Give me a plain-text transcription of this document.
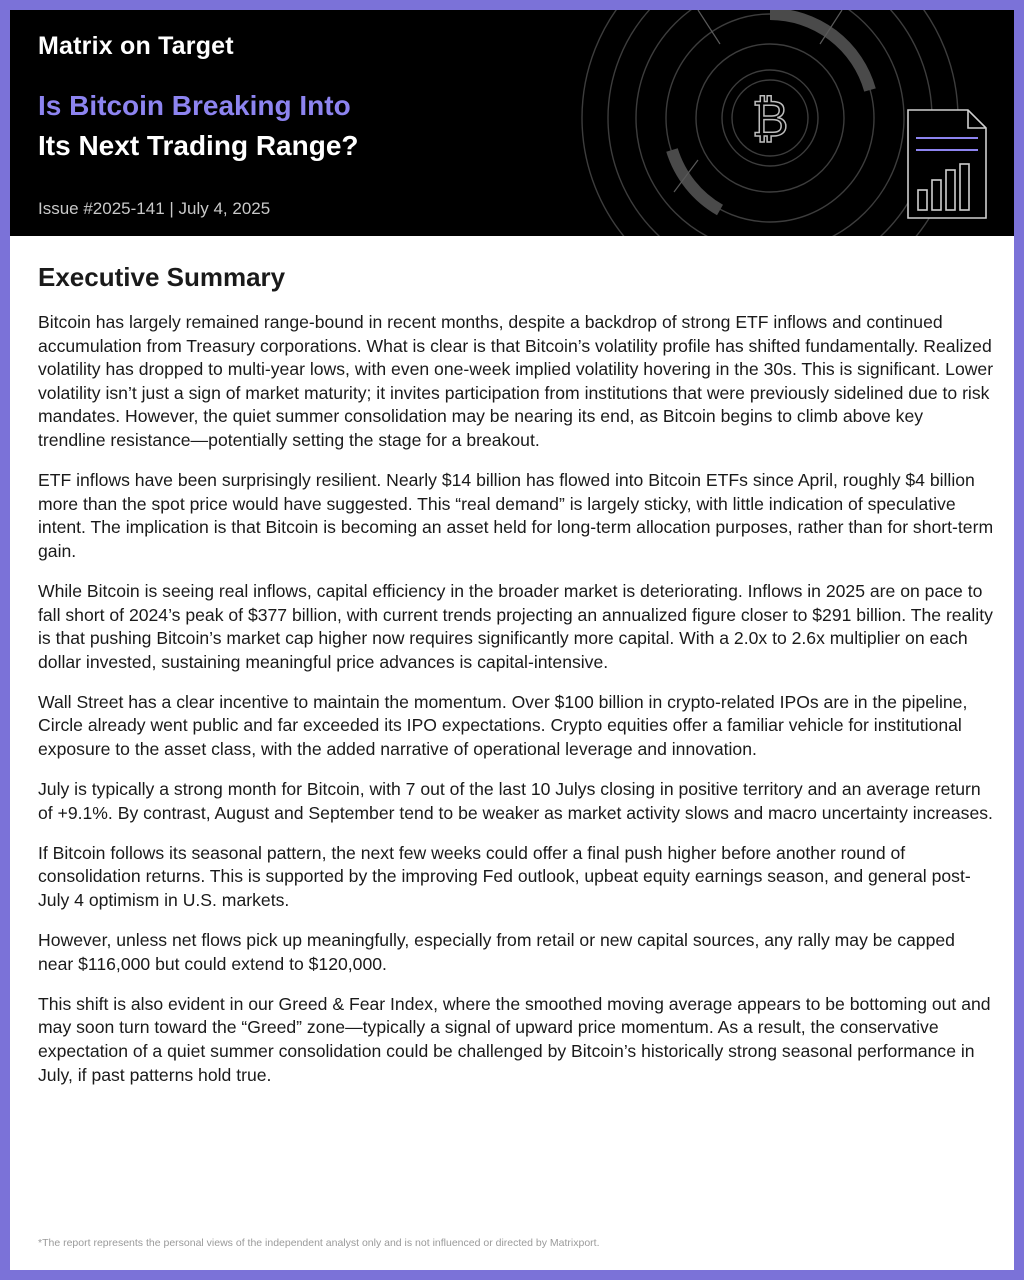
Matrix on Target
Is Bitcoin Breaking Into
Its Next Trading Range?
Issue #2025-141 | July 4, 2025
₿
Executive Summary

Bitcoin has largely remained range-bound in recent months, despite a backdrop of strong ETF inflows and continued accumulation from Treasury corporations. What is clear is that Bitcoin’s volatility profile has shifted fundamentally. Realized volatility has dropped to multi-year lows, with even one-week implied volatility hovering in the 30s. This is significant. Lower volatility isn’t just a sign of market maturity; it invites participation from institutions that were previously sidelined due to risk mandates. However, the quiet summer consolidation may be nearing its end, as Bitcoin begins to climb above key trendline resistance—potentially setting the stage for a breakout.

ETF inflows have been surprisingly resilient. Nearly $14 billion has flowed into Bitcoin ETFs since April, roughly $4 billion more than the spot price would have suggested. This “real demand” is largely sticky, with little indication of speculative intent. The implication is that Bitcoin is becoming an asset held for long-term allocation purposes, rather than for short-term gain.

While Bitcoin is seeing real inflows, capital efficiency in the broader market is deteriorating. Inflows in 2025 are on pace to fall short of 2024’s peak of $377 billion, with current trends projecting an annualized figure closer to $291 billion. The reality is that pushing Bitcoin’s market cap higher now requires significantly more capital. With a 2.0x to 2.6x multiplier on each dollar invested, sustaining meaningful price advances is capital-intensive.

Wall Street has a clear incentive to maintain the momentum. Over $100 billion in crypto-related IPOs are in the pipeline, Circle already went public and far exceeded its IPO expectations. Crypto equities offer a familiar vehicle for institutional exposure to the asset class, with the added narrative of operational leverage and innovation.

July is typically a strong month for Bitcoin, with 7 out of the last 10 Julys closing in positive territory and an average return of +9.1%. By contrast, August and September tend to be weaker as market activity slows and macro uncertainty increases.

If Bitcoin follows its seasonal pattern, the next few weeks could offer a final push higher before another round of consolidation returns. This is supported by the improving Fed outlook, upbeat equity earnings season, and general post-July 4 optimism in U.S. markets.

However, unless net flows pick up meaningfully, especially from retail or new capital sources, any rally may be capped near $116,000 but could extend to $120,000.

This shift is also evident in our Greed & Fear Index, where the smoothed moving average appears to be bottoming out and may soon turn toward the “Greed” zone—typically a signal of upward price momentum. As a result, the conservative expectation of a quiet summer consolidation could be challenged by Bitcoin’s historically strong seasonal performance in July, if past patterns hold true.

*The report represents the personal views of the independent analyst only and is not influenced or directed by Matrixport.
